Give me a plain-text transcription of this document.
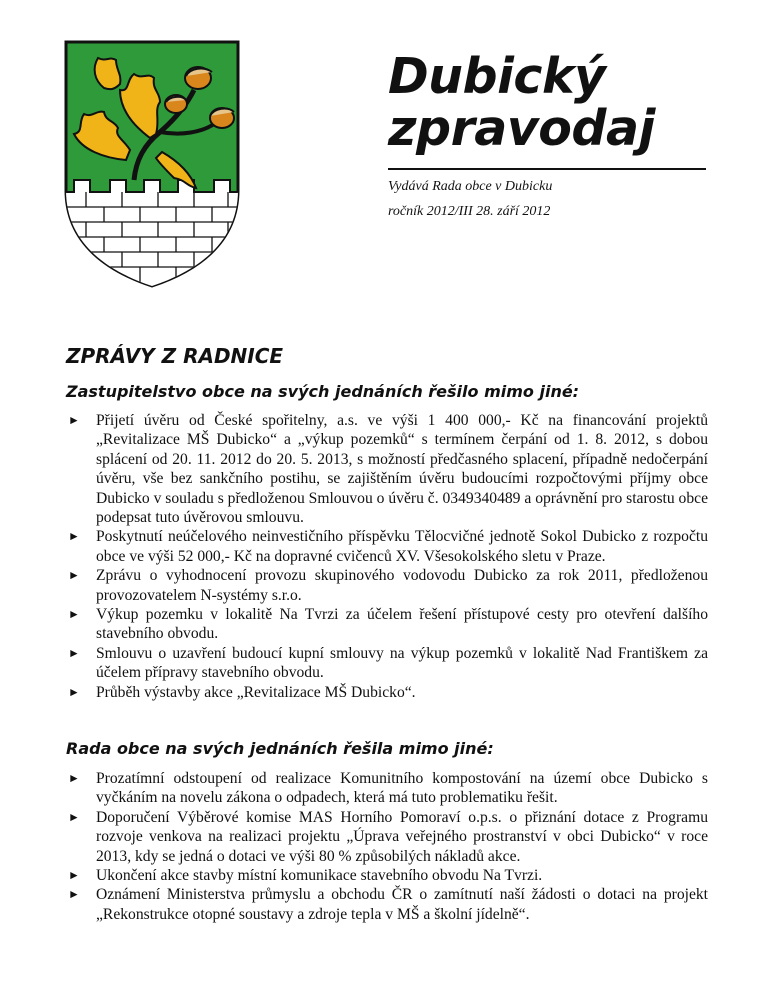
Dubický
zpravodaj
Vydává Rada obce v Dubicku
ročník 2012/III 28. září 2012
ZPRÁVY Z RADNICE
Zastupitelstvo obce na svých jednáních řešilo mimo jiné:
► Přijetí úvěru od České spořitelny, a.s. ve výši 1 400 000,- Kč na financování projektů „Revitalizace MŠ Dubicko“ a „výkup pozemků“ s termínem čerpání od 1. 8. 2012, s dobou splácení od 20. 11. 2012 do 20. 5. 2013, s možností předčasného splacení, případně nedočerpání úvěru, vše bez sankčního postihu, se zajištěním úvěru budoucími rozpočtovými příjmy obce Dubicko v souladu s předloženou Smlouvou o úvěru č. 0349340489 a oprávnění pro starostu obce podepsat tuto úvěrovou smlouvu.
► Poskytnutí neúčelového neinvestičního příspěvku Tělocvičné jednotě Sokol Dubicko z rozpočtu obce ve výši 52 000,- Kč na dopravné cvičenců XV. Všesokolského sletu v Praze.
► Zprávu o vyhodnocení provozu skupinového vodovodu Dubicko za rok 2011, předloženou provozovatelem N-systémy s.r.o.
► Výkup pozemku v lokalitě Na Tvrzi za účelem řešení přístupové cesty pro otevření dalšího stavebního obvodu.
► Smlouvu o uzavření budoucí kupní smlouvy na výkup pozemků v lokalitě Nad Františkem za účelem přípravy stavebního obvodu.
► Průběh výstavby akce „Revitalizace MŠ Dubicko“.
Rada obce na svých jednáních řešila mimo jiné:
► Prozatímní odstoupení od realizace Komunitního kompostování na území obce Dubicko s vyčkáním na novelu zákona o odpadech, která má tuto problematiku řešit.
► Doporučení Výběrové komise MAS Horního Pomoraví o.p.s. o přiznání dotace z Programu rozvoje venkova na realizaci projektu „Úprava veřejného prostranství v obci Dubicko“ v roce 2013, kdy se jedná o dotaci ve výši 80 % způsobilých nákladů akce.
► Ukončení akce stavby místní komunikace stavebního obvodu Na Tvrzi.
► Oznámení Ministerstva průmyslu a obchodu ČR o zamítnutí naší žádosti o dotaci na projekt „Rekonstrukce otopné soustavy a zdroje tepla v MŠ a školní jídelně“.
